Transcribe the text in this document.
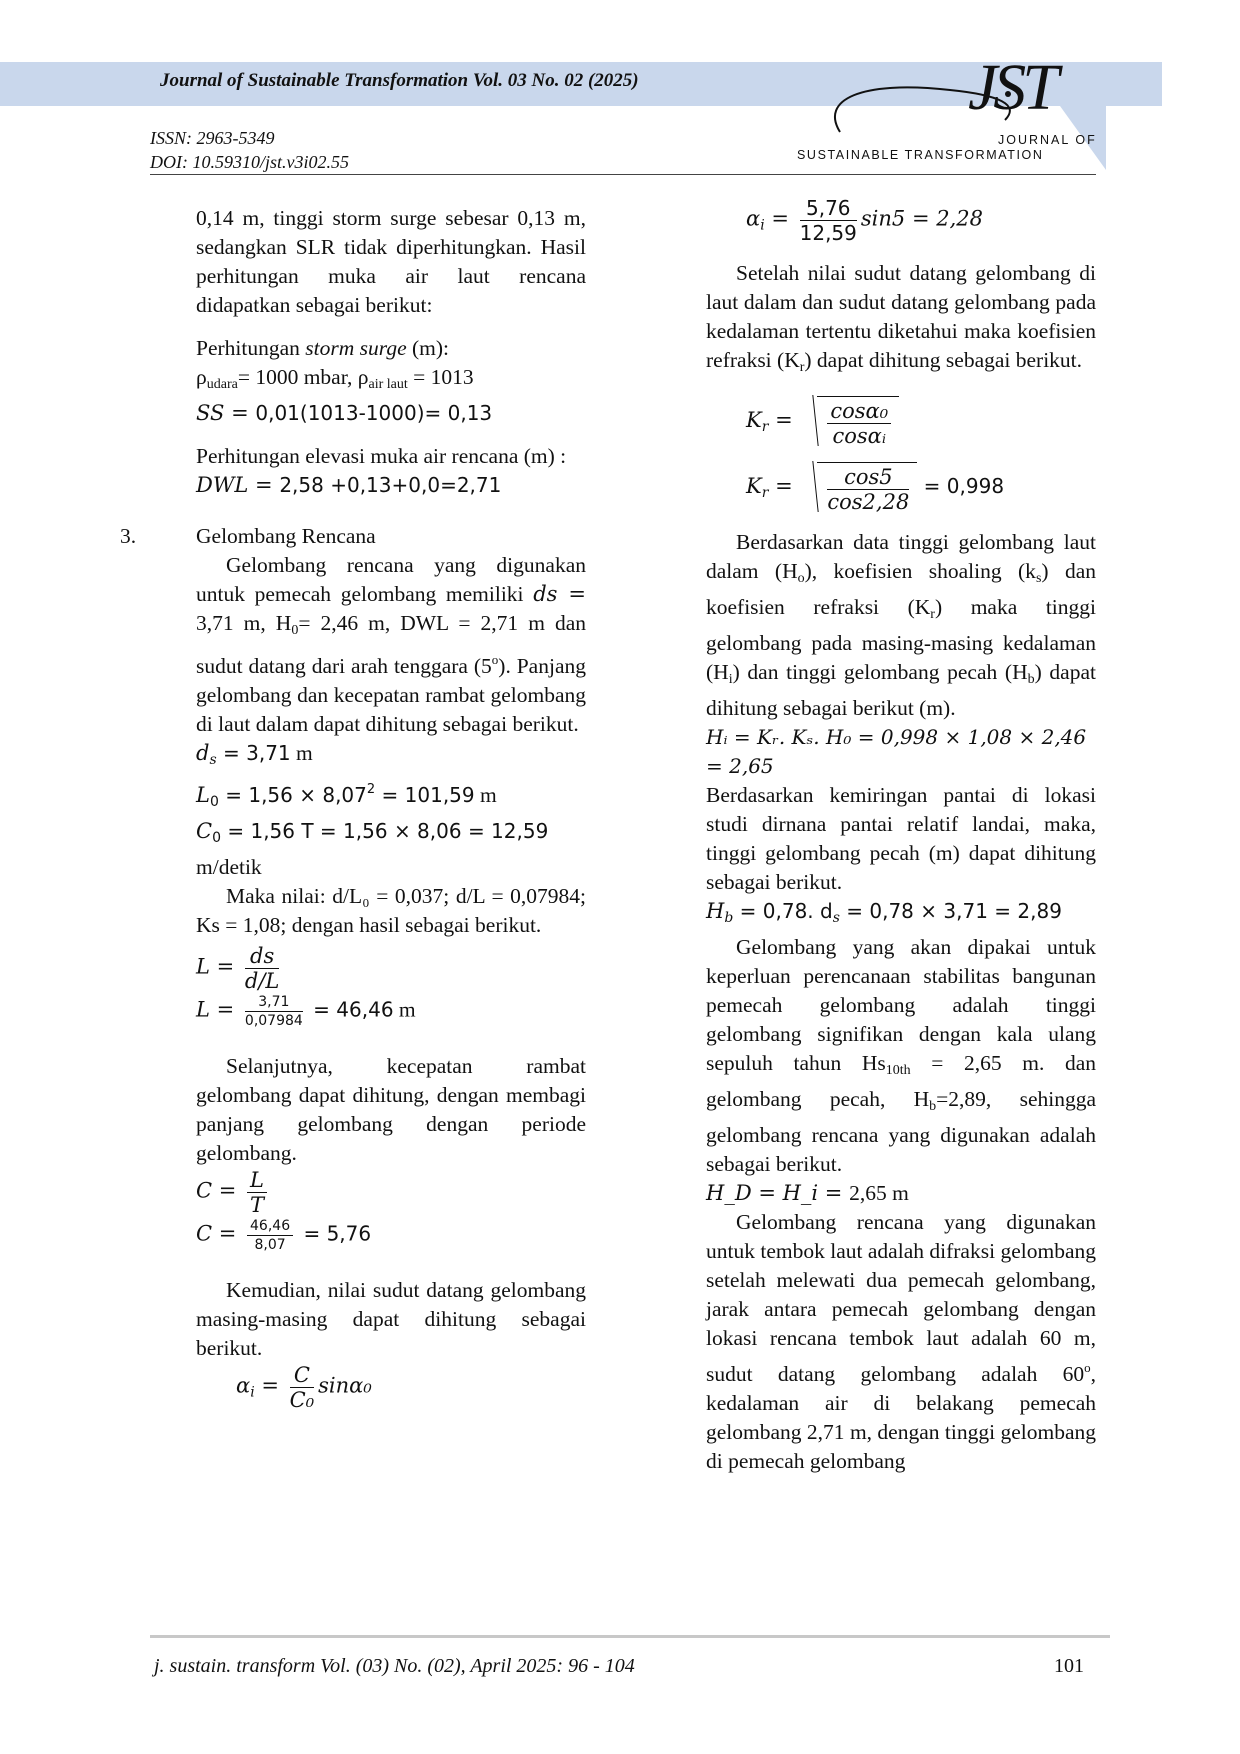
Journal of Sustainable Transformation Vol. 03 No. 02 (2025)
ISSN: 2963-5349
DOI: 10.59310/jst.v3i02.55
JST
JOURNAL OF
SUSTAINABLE TRANSFORMATION

0,14 m, tinggi storm surge sebesar 0,13 m, sedangkan SLR tidak diperhitungkan. Hasil perhitungan muka air laut rencana didapatkan sebagai berikut:

Perhitungan storm surge (m):
$\rho_{udara}= 1000$ mbar, $\rho_{air laut} = 1013$
SS = 0,01(1013-1000)= 0,13

Perhitungan elevasi muka air rencana (m) :

DWL = 2,58 +0,13+0,0=2,71
3.	Gelombang Rencana

Gelombang rencana yang digunakan untuk pemecah gelombang memiliki ds = 3,71 m, $H_0= 2,46$ m, DWL = 2,71 m dan sudut datang dari arah tenggara (5$^o$). Panjang gelombang dan kecepatan rambat gelombang di laut dalam dapat dihitung sebagai berikut.

$d_s = 3,71$ m
$L_0 = 1,56 \times 8,07^2 = 101,59$ m
$C_0 = 1,56$ T = 1,56 × 8,06 = 12,59
m/detik

Maka nilai: d/L₀ = 0,037; d/L = 0,07984; Ks = 1,08; dengan hasil sebagai berikut.

$L = \frac{ds}{d/L}$
$L = \frac{3,71}{0,07984} = 46,46$ m

Selanjutnya, kecepatan rambat gelombang dapat dihitung, dengan membagi panjang gelombang dengan periode gelombang.

$C = \frac{L}{T}$
$C = \frac{46,46}{8,07} = 5,76$

Kemudian, nilai sudut datang gelombang masing-masing dapat dihitung sebagai berikut.

$\alpha_i = \frac{C}{\text{C₀}} \sin\alpha_0$
$\alpha_i = \frac{5,76}{12,59} \sin 5 = 2,28$

Setelah nilai sudut datang gelombang di laut dalam dan sudut datang gelombang pada kedalaman tertentu diketahui maka koefisien refraksi $(K_r)$ dapat dihitung sebagai berikut.

$K_r = \frac{\text{cosα₀}}{\text{cosαᵢ}}$
$K_r = \frac{\cos 5}{\cos 2,28} = 0,998$

Berdasarkan data tinggi gelombang laut dalam $(H_o)$, koefisien shoaling $(k_s)$ dan koefisien refraksi $(K_r)$ maka tinggi gelombang pada masing-masing kedalaman $(H_i)$ dan tinggi gelombang pecah $(H_b)$ dapat dihitung sebagai berikut (m).

Hᵢ = Kᵣ. Kₛ. H₀ = 0,998 × 1,08 × 2,46 = 2,65

Berdasarkan kemiringan pantai di lokasi studi dirnana pantai relatif landai, maka, tinggi gelombang pecah (m) dapat dihitung sebagai berikut.

$H_b = 0,78$. $d_s = 0,78 \times 3,71 = 2,89$

Gelombang yang akan dipakai untuk keperluan perencanaan stabilitas bangunan pemecah gelombang adalah tinggi gelombang signifikan dengan kala ulang sepuluh tahun $Hs_{10th} = 2,65$ m. dan gelombang pecah, $H_b=2,89$, sehingga gelombang rencana yang digunakan adalah sebagai berikut.

H_D = H_i = 2,65 m

Gelombang rencana yang digunakan untuk tembok laut adalah difraksi gelombang setelah melewati dua pemecah gelombang, jarak antara pemecah gelombang dengan lokasi rencana tembok laut adalah 60 m, sudut datang gelombang adalah 60$^o$, kedalaman air di belakang pemecah gelombang 2,71 m, dengan tinggi gelombang di pemecah gelombang

j. sustain. transform Vol. (03) No. (02), April 2025: 96 - 104	101
